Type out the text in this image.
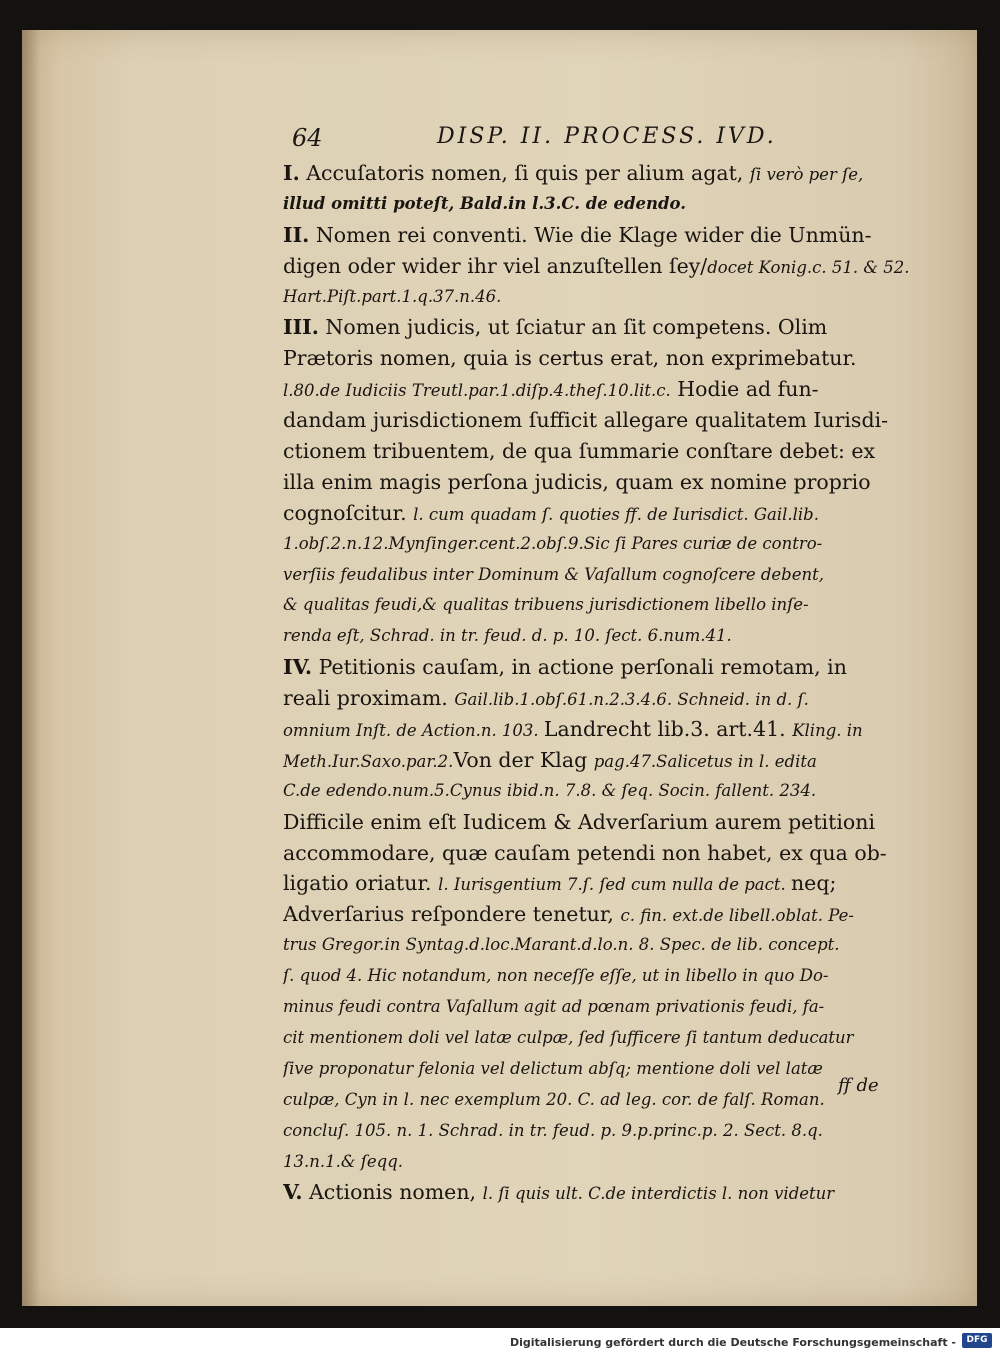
64	DISP. II. PROCESS. IVD.
I. Accuſatoris nomen, ſi quis per alium agat, ſi verò per ſe,
illud omitti poteſt, Bald.in l.3.C. de edendo.
II. Nomen rei conventi. Wie die Klage wider die Unmün-
digen oder wider ihr viel anzuſtellen ſey/docet Konig.c. 51. & 52.
Hart.Piſt.part.1.q.37.n.46.
III. Nomen judicis, ut ſciatur an ſit competens. Olim
Prætoris nomen, quia is certus erat, non exprimebatur.
l.80.de Iudiciis Treutl.par.1.diſp.4.theſ.10.lit.c. Hodie ad fun-
dandam jurisdictionem ſufficit allegare qualitatem Iurisdi-
ctionem tribuentem, de qua ſummarie conſtare debet: ex
illa enim magis perſona judicis, quam ex nomine proprio
cognoſcitur. l. cum quadam ſ. quoties ff. de Iurisdict. Gail.lib.
1.obſ.2.n.12.Mynſinger.cent.2.obſ.9.Sic ſi Pares curiæ de contro-
verſiis feudalibus inter Dominum & Vaſallum cognoſcere debent,
& qualitas feudi,& qualitas tribuens jurisdictionem libello inſe-
renda eſt, Schrad. in tr. feud. d. p. 10. ſect. 6.num.41.
IV. Petitionis cauſam, in actione perſonali remotam, in
reali proximam. Gail.lib.1.obſ.61.n.2.3.4.6. Schneid. in d. ſ.
omnium Inſt. de Action.n. 103. Landrecht lib.3. art.41. Kling. in
Meth.Iur.Saxo.par.2.Von der Klag pag.47.Salicetus in l. edita
C.de edendo.num.5.Cynus ibid.n. 7.8. & ſeq. Socin. fallent. 234.
Difficile enim eſt Iudicem & Adverſarium aurem petitioni
accommodare, quæ cauſam petendi non habet, ex qua ob-
ligatio oriatur. l. Iurisgentium 7.ſ. ſed cum nulla de pact. neq;
Adverſarius reſpondere tenetur, c. fin. ext.de libell.oblat. Pe-
trus Gregor.in Syntag.d.loc.Marant.d.lo.n. 8. Spec. de lib. concept.
ſ. quod 4. Hic notandum, non neceſſe eſſe, ut in libello in quo Do-
minus feudi contra Vaſallum agit ad pœnam privationis feudi, fa-
cit mentionem doli vel latæ culpæ, ſed ſufficere ſi tantum deducatur
ſive proponatur felonia vel delictum abſq; mentione doli vel latæ
culpæ, Cyn in l. nec exemplum 20. C. ad leg. cor. de falſ. Roman.
concluſ. 105. n. 1. Schrad. in tr. feud. p. 9.p.princ.p. 2. Sect. 8.q.
13.n.1.& ſeqq.
V. Actionis nomen, l. ſi quis ult. C.de interdictis l. non videtur
ff de
Digitalisierung gefördert durch die Deutsche Forschungsgemeinschaft -	DFG
